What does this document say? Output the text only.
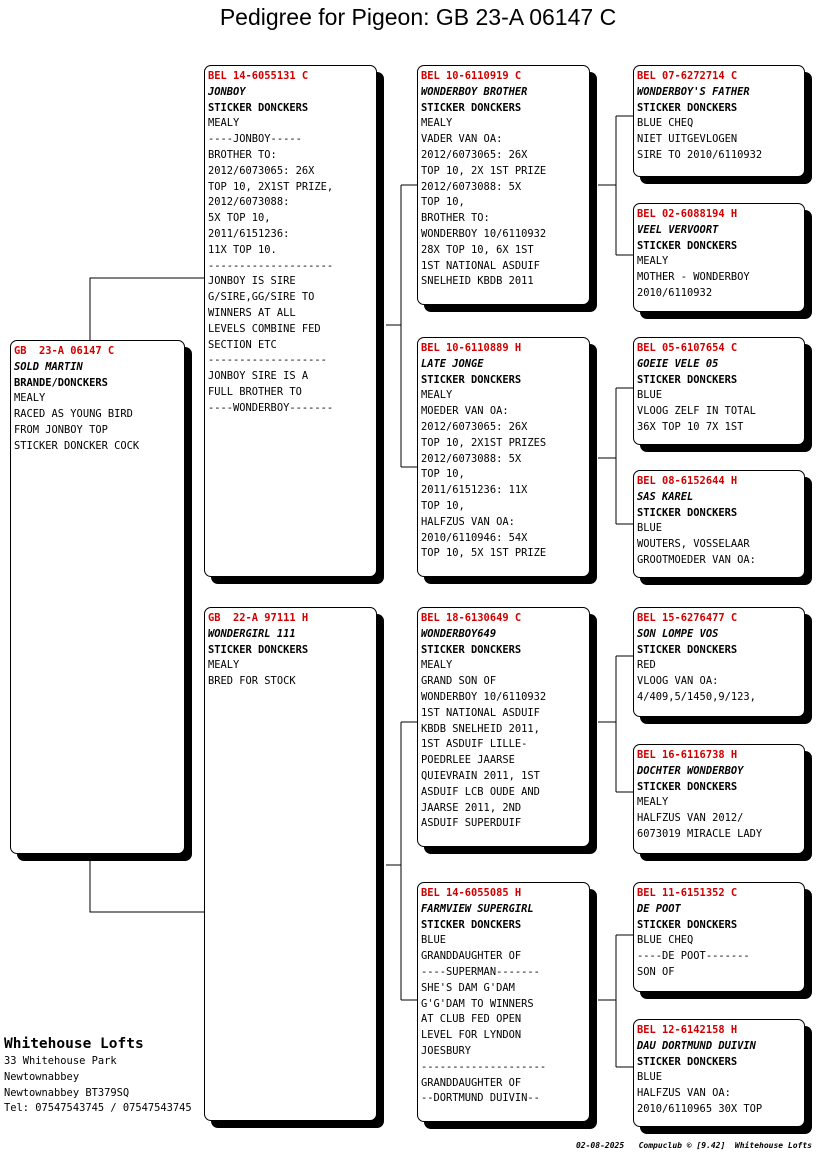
Pedigree for Pigeon: GB 23-A 06147 C
GB  23-A 06147 C
SOLD MARTIN
BRANDE/DONCKERS
MEALY
RACED AS YOUNG BIRD
FROM JONBOY TOP
STICKER DONCKER COCK
BEL 14-6055131 C
JONBOY
STICKER DONCKERS
MEALY
----JONBOY-----
BROTHER TO:
2012/6073065: 26X
TOP 10, 2X1ST PRIZE,
2012/6073088:
5X TOP 10,
2011/6151236:
11X TOP 10.
--------------------
JONBOY IS SIRE
G/SIRE,GG/SIRE TO
WINNERS AT ALL
LEVELS COMBINE FED
SECTION ETC
-------------------
JONBOY SIRE IS A
FULL BROTHER TO
----WONDERBOY-------
GB  22-A 97111 H
WONDERGIRL 111
STICKER DONCKERS
MEALY
BRED FOR STOCK
BEL 10-6110919 C
WONDERBOY BROTHER
STICKER DONCKERS
MEALY
VADER VAN OA:
2012/6073065: 26X
TOP 10, 2X 1ST PRIZE
2012/6073088: 5X
TOP 10,
BROTHER TO:
WONDERBOY 10/6110932
28X TOP 10, 6X 1ST
1ST NATIONAL ASDUIF
SNELHEID KBDB 2011
BEL 10-6110889 H
LATE JONGE
STICKER DONCKERS
MEALY
MOEDER VAN OA:
2012/6073065: 26X
TOP 10, 2X1ST PRIZES
2012/6073088: 5X
TOP 10,
2011/6151236: 11X
TOP 10,
HALFZUS VAN OA:
2010/6110946: 54X
TOP 10, 5X 1ST PRIZE
BEL 18-6130649 C
WONDERBOY649
STICKER DONCKERS
MEALY
GRAND SON OF
WONDERBOY 10/6110932
1ST NATIONAL ASDUIF
KBDB SNELHEID 2011,
1ST ASDUIF LILLE-
POEDRLEE JAARSE
QUIEVRAIN 2011, 1ST
ASDUIF LCB OUDE AND
JAARSE 2011, 2ND
ASDUIF SUPERDUIF
BEL 14-6055085 H
FARMVIEW SUPERGIRL
STICKER DONCKERS
BLUE
GRANDDAUGHTER OF
----SUPERMAN-------
SHE'S DAM G'DAM
G'G'DAM TO WINNERS
AT CLUB FED OPEN
LEVEL FOR LYNDON
JOESBURY
--------------------
GRANDDAUGHTER OF
--DORTMUND DUIVIN--
BEL 07-6272714 C
WONDERBOY'S FATHER
STICKER DONCKERS
BLUE CHEQ
NIET UITGEVLOGEN
SIRE TO 2010/6110932
BEL 02-6088194 H
VEEL VERVOORT
STICKER DONCKERS
MEALY
MOTHER - WONDERBOY
2010/6110932
BEL 05-6107654 C
GOEIE VELE 05
STICKER DONCKERS
BLUE
VLOOG ZELF IN TOTAL
36X TOP 10 7X 1ST
BEL 08-6152644 H
SAS KAREL
STICKER DONCKERS
BLUE
WOUTERS, VOSSELAAR
GROOTMOEDER VAN OA:
BEL 15-6276477 C
SON LOMPE VOS
STICKER DONCKERS
RED
VLOOG VAN OA:
4/409,5/1450,9/123,
BEL 16-6116738 H
DOCHTER WONDERBOY
STICKER DONCKERS
MEALY
HALFZUS VAN 2012/
6073019 MIRACLE LADY
BEL 11-6151352 C
DE POOT
STICKER DONCKERS
BLUE CHEQ
----DE POOT-------
SON OF
BEL 12-6142158 H
DAU DORTMUND DUIVIN
STICKER DONCKERS
BLUE
HALFZUS VAN OA:
2010/6110965 30X TOP
Whitehouse Lofts
33 Whitehouse Park
Newtownabbey
Newtownabbey BT379SQ
Tel: 07547543745 / 07547543745
02-08-2025   Compuclub © [9.42]  Whitehouse Lofts
